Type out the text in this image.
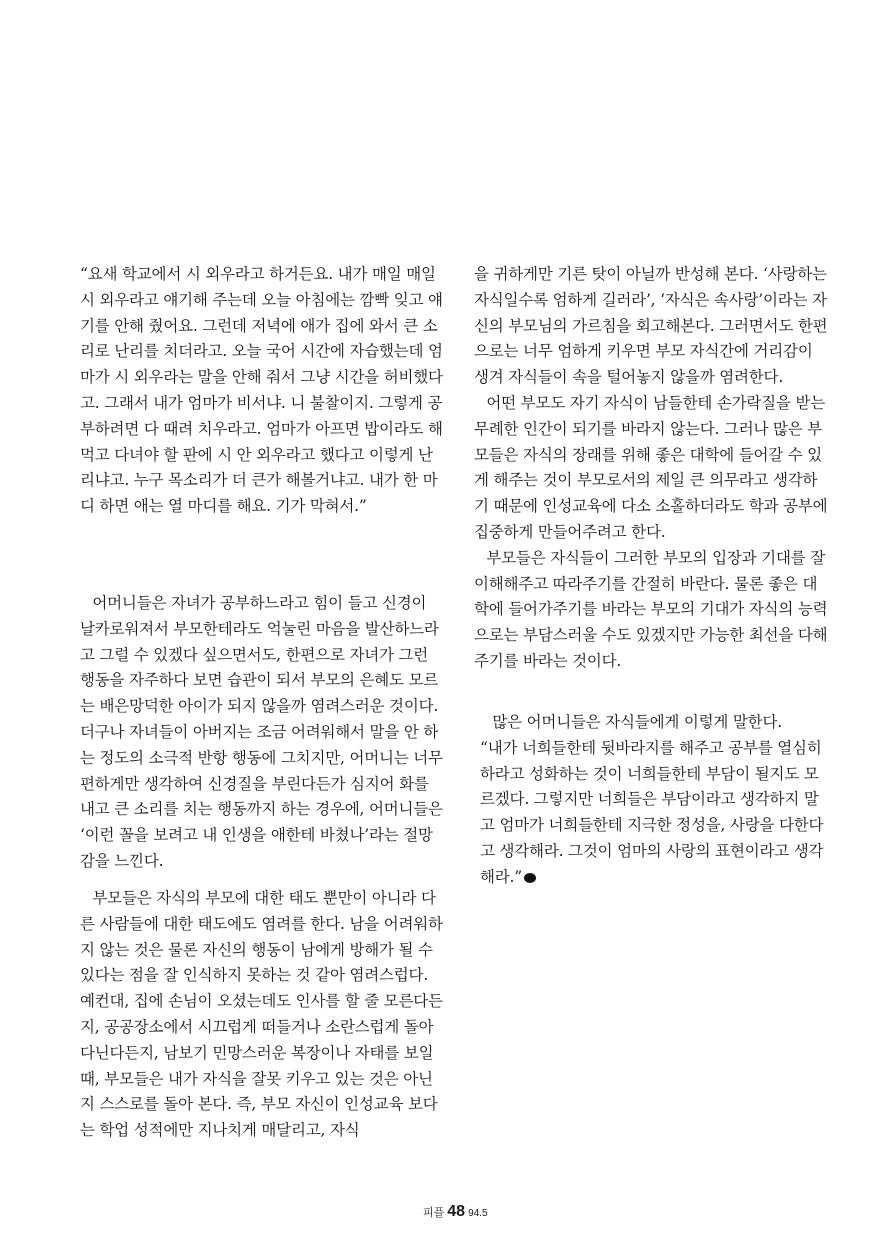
“요새 학교에서 시 외우라고 하거든요. 내가 매일 매일 시 외우라고 얘기해 주는데 오늘 아침에는 깜빡 잊고 얘기를 안해 줬어요. 그런데 저녁에 애가 집에 와서 큰 소리로 난리를 치더라고. 오늘 국어 시간에 자습했는데 엄마가 시 외우라는 말을 안해 줘서 그냥 시간을 허비했다고. 그래서 내가 엄마가 비서냐. 니 불찰이지. 그렇게 공부하려면 다 때려 치우라고. 엄마가 아프면 밥이라도 해먹고 다녀야 할 판에 시 안 외우라고 했다고 이렇게 난리냐고. 누구 목소리가 더 큰가 해볼거냐고. 내가 한 마디 하면 애는 열 마디를 해요. 기가 막혀서.”

어머니들은 자녀가 공부하느라고 힘이 들고 신경이 날카로워져서 부모한테라도 억눌린 마음을 발산하느라고 그럴 수 있겠다 싶으면서도, 한편으로 자녀가 그런 행동을 자주하다 보면 습관이 되서 부모의 은혜도 모르는 배은망덕한 아이가 되지 않을까 염려스러운 것이다. 더구나 자녀들이 아버지는 조금 어려워해서 말을 안 하는 정도의 소극적 반항 행동에 그치지만, 어머니는 너무 편하게만 생각하여 신경질을 부린다든가 심지어 화를 내고 큰 소리를 치는 행동까지 하는 경우에, 어머니들은 ‘이런 꼴을 보려고 내 인생을 애한테 바쳤나’라는 절망감을 느낀다.

부모들은 자식의 부모에 대한 태도 뿐만이 아니라 다른 사람들에 대한 태도에도 염려를 한다. 남을 어려워하지 않는 것은 물론 자신의 행동이 남에게 방해가 될 수 있다는 점을 잘 인식하지 못하는 것 같아 염려스럽다. 예컨대, 집에 손님이 오셨는데도 인사를 할 줄 모른다든지, 공공장소에서 시끄럽게 떠들거나 소란스럽게 돌아다닌다든지, 남보기 민망스러운 복장이나 자태를 보일 때, 부모들은 내가 자식을 잘못 키우고 있는 것은 아닌지 스스로를 돌아 본다. 즉, 부모 자신이 인성교육 보다는 학업 성적에만 지나치게 매달리고, 자식

을 귀하게만 기른 탓이 아닐까 반성해 본다. ‘사랑하는 자식일수록 엄하게 길러라’, ‘자식은 속사랑’이라는 자신의 부모님의 가르침을 회고해본다. 그러면서도 한편으로는 너무 엄하게 키우면 부모 자식간에 거리감이 생겨 자식들이 속을 털어놓지 않을까 염려한다.

어떤 부모도 자기 자식이 남들한테 손가락질을 받는 무례한 인간이 되기를 바라지 않는다. 그러나 많은 부모들은 자식의 장래를 위해 좋은 대학에 들어갈 수 있게 해주는 것이 부모로서의 제일 큰 의무라고 생각하기 때문에 인성교육에 다소 소홀하더라도 학과 공부에 집중하게 만들어주려고 한다.

부모들은 자식들이 그러한 부모의 입장과 기대를 잘 이해해주고 따라주기를 간절히 바란다. 물론 좋은 대학에 들어가주기를 바라는 부모의 기대가 자식의 능력으로는 부담스러울 수도 있겠지만 가능한 최선을 다해 주기를 바라는 것이다.

많은 어머니들은 자식들에게 이렇게 말한다.

“내가 너희들한테 뒷바라지를 해주고 공부를 열심히 하라고 성화하는 것이 너희들한테 부담이 될지도 모르겠다. 그렇지만 너희들은 부담이라고 생각하지 말고 엄마가 너희들한테 지극한 정성을, 사랑을 다한다고 생각해라. 그것이 엄마의 사랑의 표현이라고 생각해라.”

피플 48 94.5
